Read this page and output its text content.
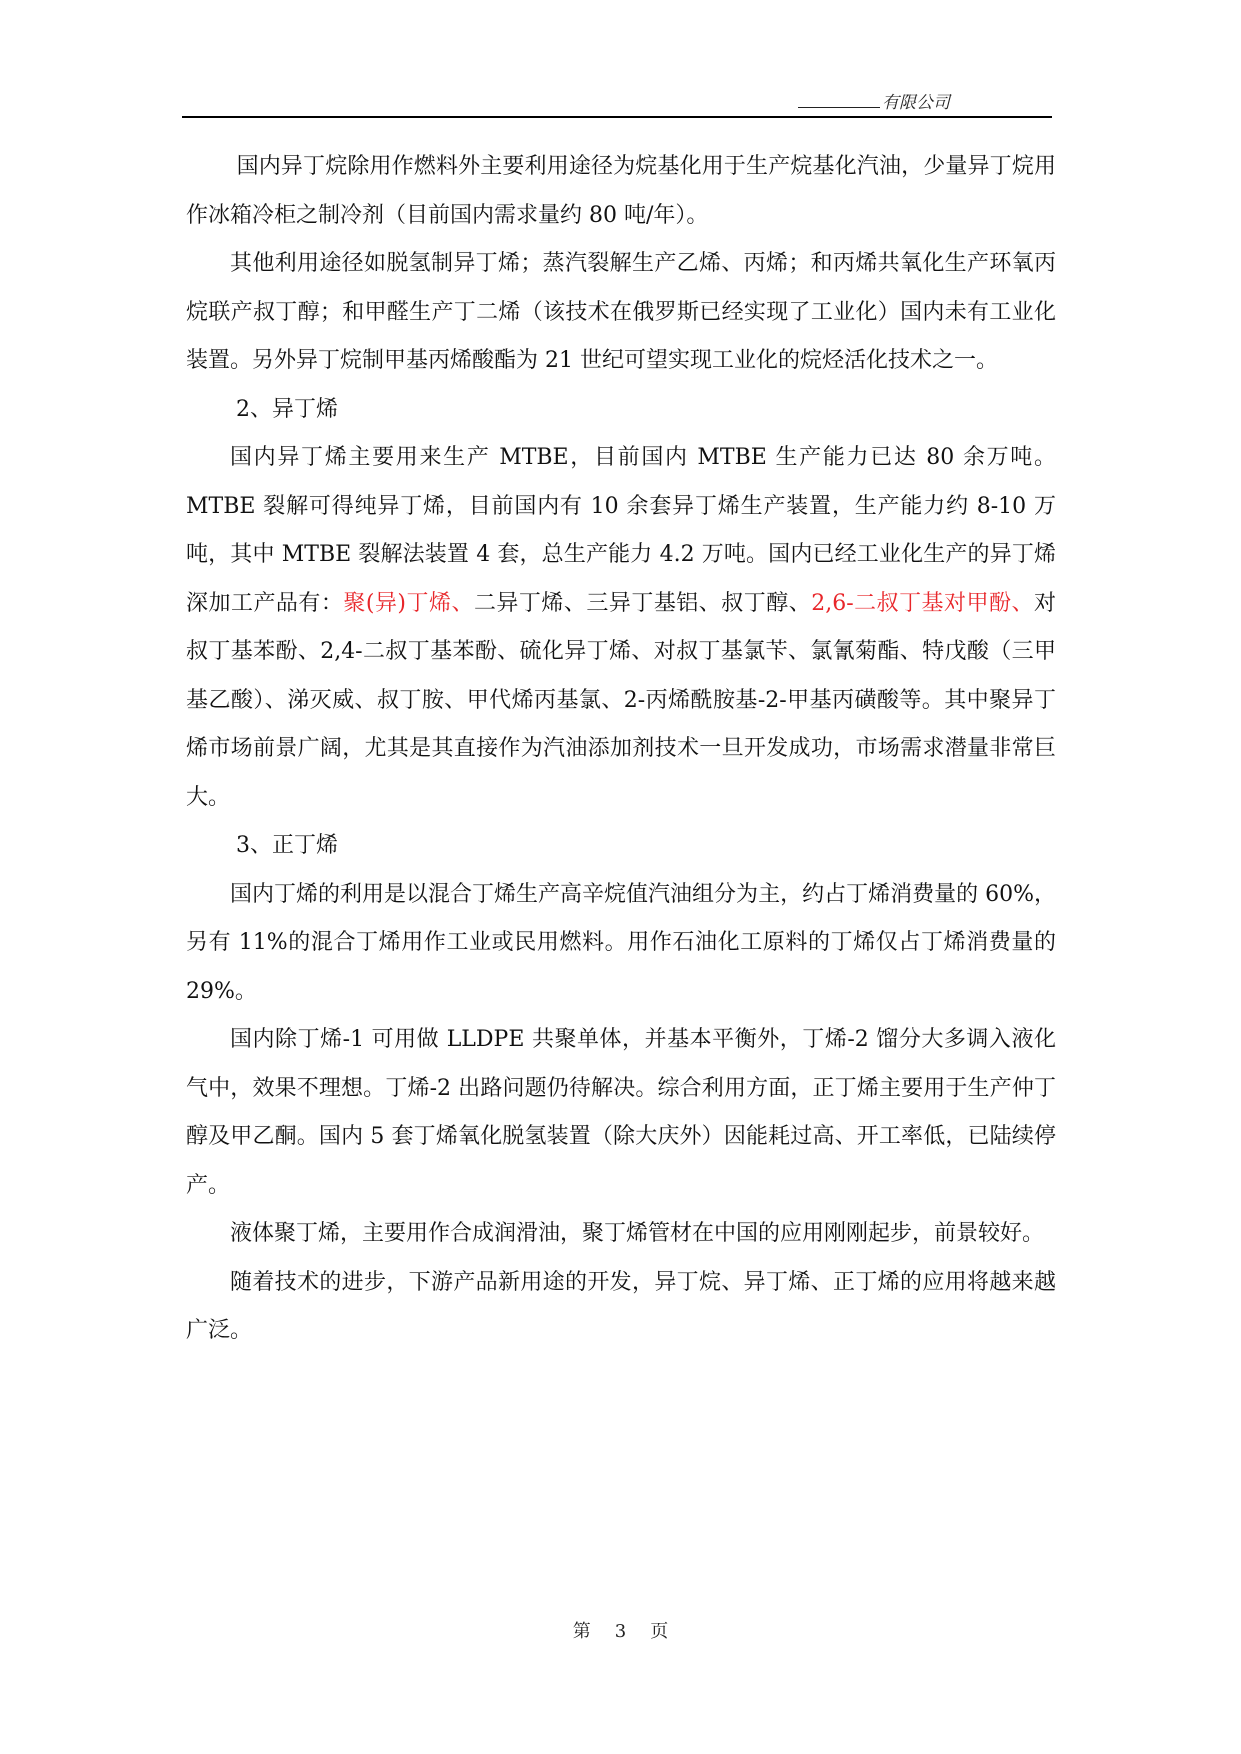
有限公司

国内异丁烷除用作燃料外主要利用途径为烷基化用于生产烷基化汽油，少量异丁烷用作冰箱冷柜之制冷剂（目前国内需求量约 80 吨/年）。

其他利用途径如脱氢制异丁烯；蒸汽裂解生产乙烯、丙烯；和丙烯共氧化生产环氧丙烷联产叔丁醇；和甲醛生产丁二烯（该技术在俄罗斯已经实现了工业化）国内未有工业化装置。另外异丁烷制甲基丙烯酸酯为 21 世纪可望实现工业化的烷烃活化技术之一。

2、异丁烯

国内异丁烯主要用来生产 MTBE，目前国内 MTBE 生产能力已达 80 余万吨。MTBE 裂解可得纯异丁烯，目前国内有 10 余套异丁烯生产装置，生产能力约 8-10 万吨，其中 MTBE 裂解法装置 4 套，总生产能力 4.2 万吨。国内已经工业化生产的异丁烯深加工产品有：聚(异)丁烯、二异丁烯、三异丁基铝、叔丁醇、2,6-二叔丁基对甲酚、对叔丁基苯酚、2,4-二叔丁基苯酚、硫化异丁烯、对叔丁基氯苄、氯氰菊酯、特戊酸（三甲基乙酸）、涕灭威、叔丁胺、甲代烯丙基氯、2-丙烯酰胺基-2-甲基丙磺酸等。其中聚异丁烯市场前景广阔，尤其是其直接作为汽油添加剂技术一旦开发成功，市场需求潜量非常巨大。

3、正丁烯

国内丁烯的利用是以混合丁烯生产高辛烷值汽油组分为主，约占丁烯消费量的 60%，另有 11%的混合丁烯用作工业或民用燃料。用作石油化工原料的丁烯仅占丁烯消费量的 29%。

国内除丁烯-1 可用做 LLDPE 共聚单体，并基本平衡外，丁烯-2 馏分大多调入液化气中，效果不理想。丁烯-2 出路问题仍待解决。综合利用方面，正丁烯主要用于生产仲丁醇及甲乙酮。国内 5 套丁烯氧化脱氢装置（除大庆外）因能耗过高、开工率低，已陆续停产。

液体聚丁烯，主要用作合成润滑油，聚丁烯管材在中国的应用刚刚起步，前景较好。

随着技术的进步，下游产品新用途的开发，异丁烷、异丁烯、正丁烯的应用将越来越广泛。

第 3 页
